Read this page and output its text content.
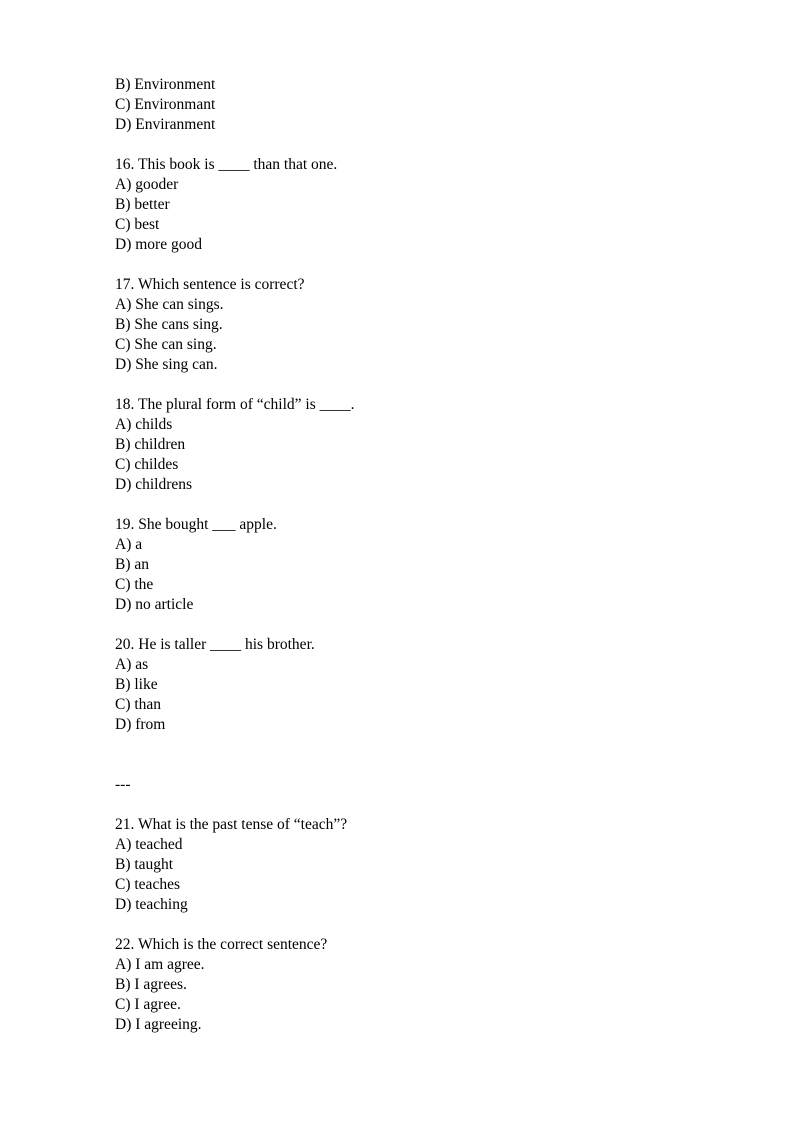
B) Environment
C) Environmant
D) Enviranment
16. This book is ____ than that one.
A) gooder
B) better
C) best
D) more good
17. Which sentence is correct?
A) She can sings.
B) She cans sing.
C) She can sing.
D) She sing can.
18. The plural form of “child” is ____.
A) childs
B) children
C) childes
D) childrens
19. She bought ___ apple.
A) a
B) an
C) the
D) no article
20. He is taller ____ his brother.
A) as
B) like
C) than
D) from
---
21. What is the past tense of “teach”?
A) teached
B) taught
C) teaches
D) teaching
22. Which is the correct sentence?
A) I am agree.
B) I agrees.
C) I agree.
D) I agreeing.
